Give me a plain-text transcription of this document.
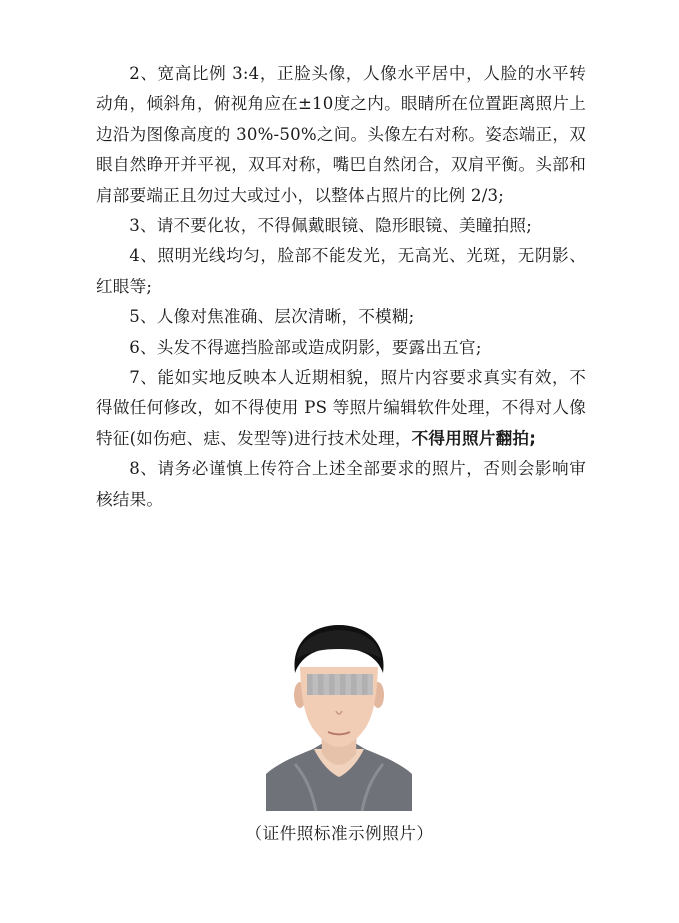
2、宽高比例 3:4，正脸头像，人像水平居中，人脸的水平转动角，倾斜角，俯视角应在±10度之内。眼睛所在位置距离照片上边沿为图像高度的 30%-50%之间。头像左右对称。姿态端正，双眼自然睁开并平视，双耳对称，嘴巴自然闭合，双肩平衡。头部和肩部要端正且勿过大或过小，以整体占照片的比例 2/3;

3、请不要化妆，不得佩戴眼镜、隐形眼镜、美瞳拍照;

4、照明光线均匀，脸部不能发光，无高光、光斑，无阴影、红眼等;

5、人像对焦准确、层次清晰，不模糊;

6、头发不得遮挡脸部或造成阴影，要露出五官;

7、能如实地反映本人近期相貌，照片内容要求真实有效，不得做任何修改，如不得使用 PS 等照片编辑软件处理，不得对人像特征(如伤疤、痣、发型等)进行技术处理，不得用照片翻拍;

8、请务必谨慎上传符合上述全部要求的照片，否则会影响审核结果。

（证件照标准示例照片）
